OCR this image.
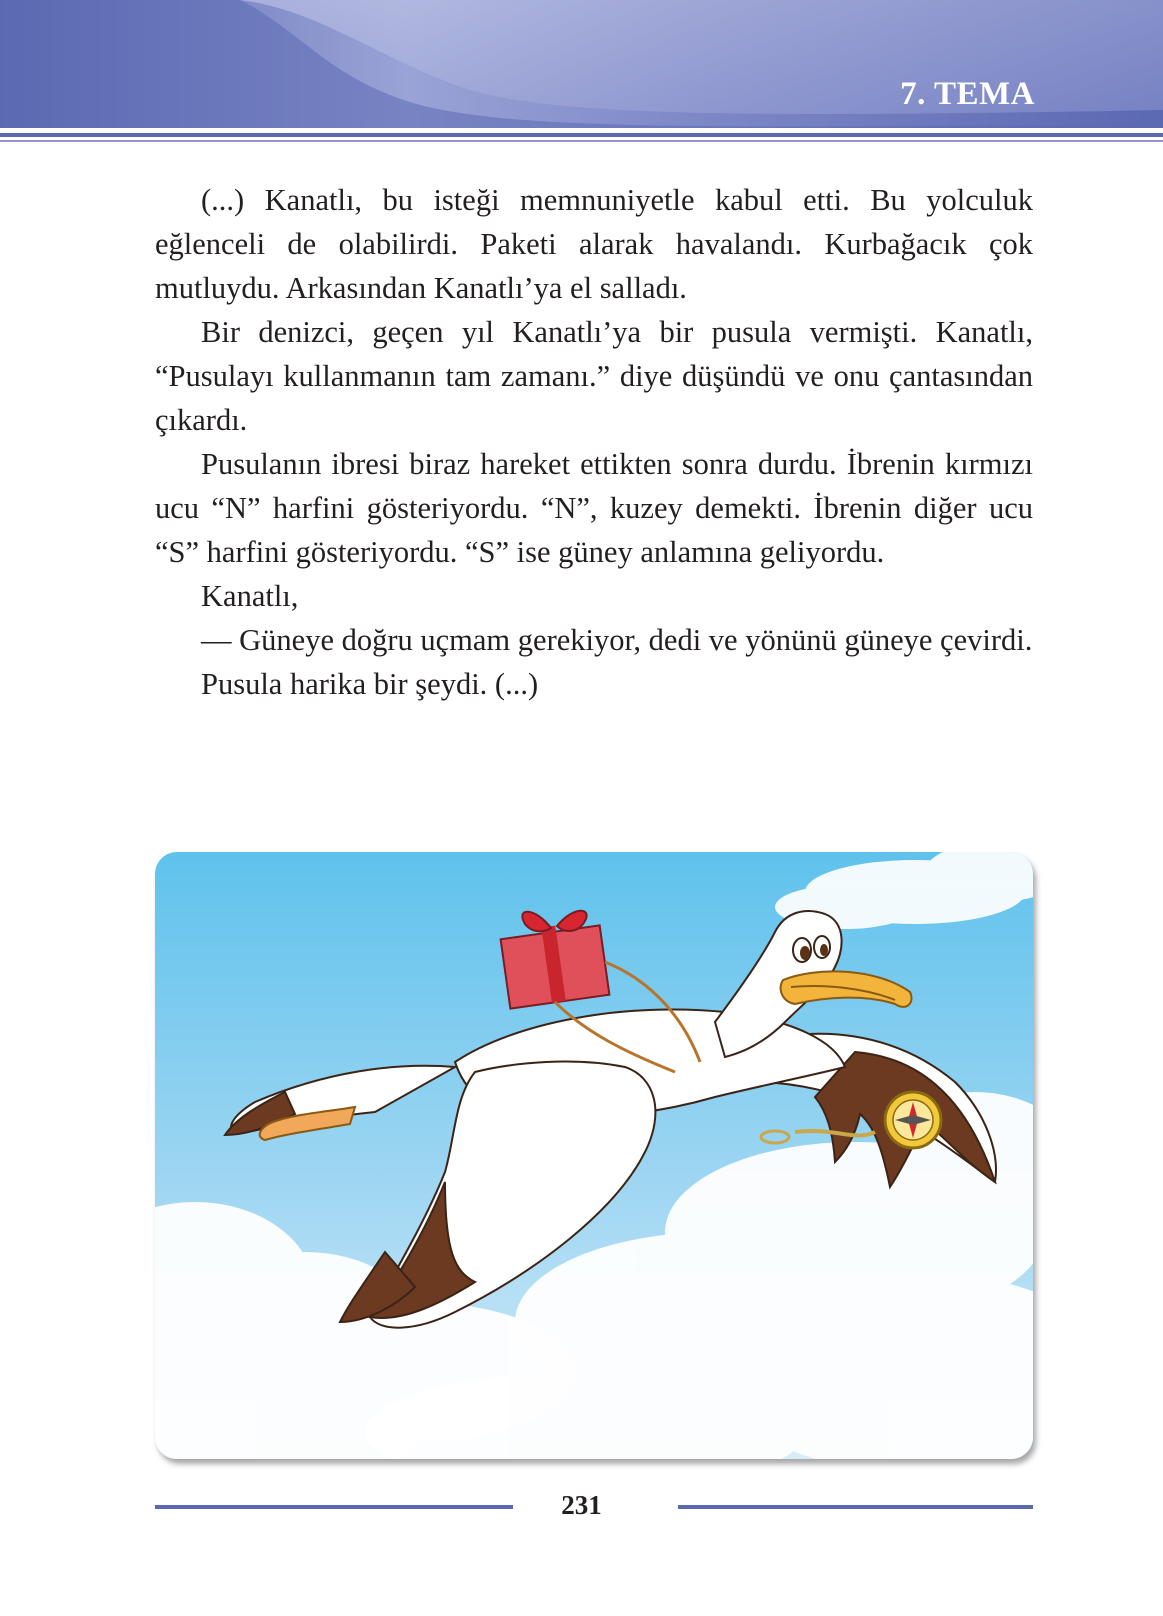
7. TEMA

(...) Kanatlı, bu isteği memnuniyetle kabul etti. Bu yolculuk eğlenceli de olabilirdi. Paketi alarak havalandı. Kurbağacık çok mutluydu. Arkasından Kanatlı’ya el salladı.

Bir denizci, geçen yıl Kanatlı’ya bir pusula vermişti. Kanatlı, “Pusulayı kullanmanın tam zamanı.” diye düşündü ve onu çantasından çıkardı.

Pusulanın ibresi biraz hareket ettikten sonra durdu. İbrenin kırmızı ucu “N” harfini gösteriyordu. “N”, kuzey demekti. İbrenin diğer ucu “S” harfini gösteriyordu. “S” ise güney anlamına geliyordu.

Kanatlı,

— Güneye doğru uçmam gerekiyor, dedi ve yönünü güneye çevirdi.

Pusula harika bir şeydi. (...)

231
